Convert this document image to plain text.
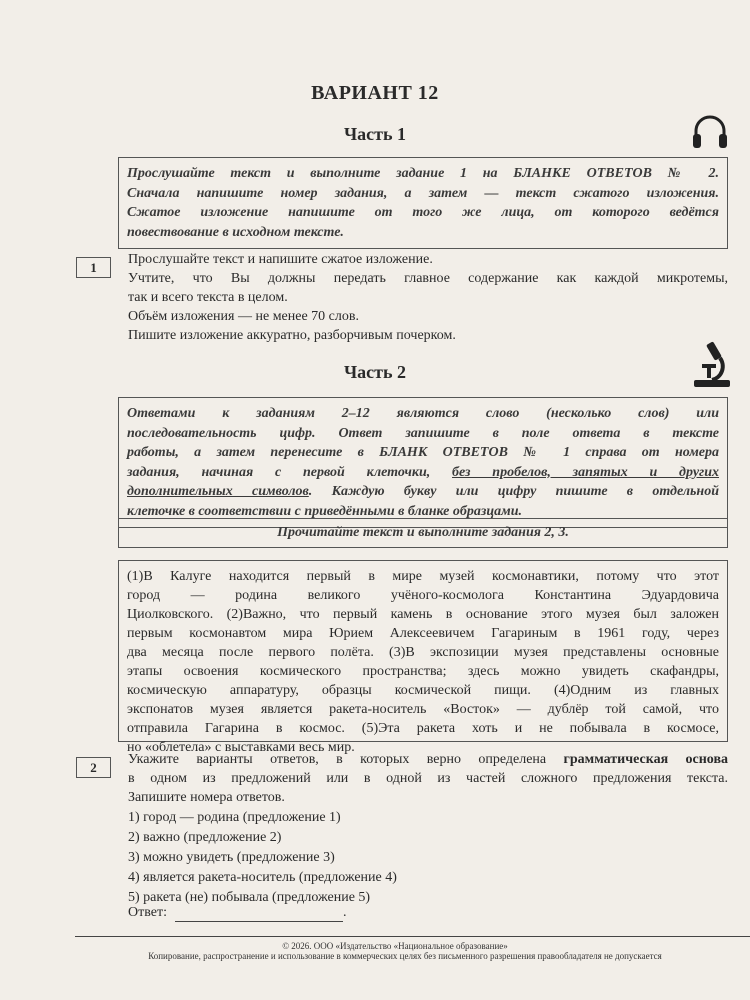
ВАРИАНТ 12
Часть 1
Прослушайте текст и выполните задание 1 на БЛАНКЕ ОТВЕТОВ № 2.
Сначала напишите номер задания, а затем — текст сжатого изложения.
Сжатое изложение напишите от того же лица, от которого ведётся
повествование в исходном тексте.
1
Прослушайте текст и напишите сжатое изложение.
Учтите, что Вы должны передать главное содержание как каждой микротемы,
так и всего текста в целом.
Объём изложения — не менее 70 слов.
Пишите изложение аккуратно, разборчивым почерком.
Часть 2
Ответами к заданиям 2–12 являются слово (несколько слов) или
последовательность цифр. Ответ запишите в поле ответа в тексте
работы, а затем перенесите в БЛАНК ОТВЕТОВ № 1 справа от номера
задания, начиная с первой клеточки, без пробелов, запятых и других
дополнительных символов. Каждую букву или цифру пишите в отдельной
клеточке в соответствии с приведёнными в бланке образцами.
Прочитайте текст и выполните задания 2, 3.
(1)В Калуге находится первый в мире музей космонавтики, потому что этот
город — родина великого учёного-космолога Константина Эдуардовича
Циолковского. (2)Важно, что первый камень в основание этого музея был заложен
первым космонавтом мира Юрием Алексеевичем Гагариным в 1961 году, через
два месяца после первого полёта. (3)В экспозиции музея представлены основные
этапы освоения космического пространства; здесь можно увидеть скафандры,
космическую аппаратуру, образцы космической пищи. (4)Одним из главных
экспонатов музея является ракета-носитель «Восток» — дублёр той самой, что
отправила Гагарина в космос. (5)Эта ракета хоть и не побывала в космосе,
но «облетела» с выставками весь мир.
2
Укажите варианты ответов, в которых верно определена грамматическая основа
в одном из предложений или в одной из частей сложного предложения текста.
Запишите номера ответов.
1) город — родина (предложение 1)
2) важно (предложение 2)
3) можно увидеть (предложение 3)
4) является ракета-носитель (предложение 4)
5) ракета (не) побывала (предложение 5)
Ответ:	.
© 2026. ООО «Издательство «Национальное образование»
Копирование, распространение и использование в коммерческих целях без письменного разрешения правообладателя не допускается
